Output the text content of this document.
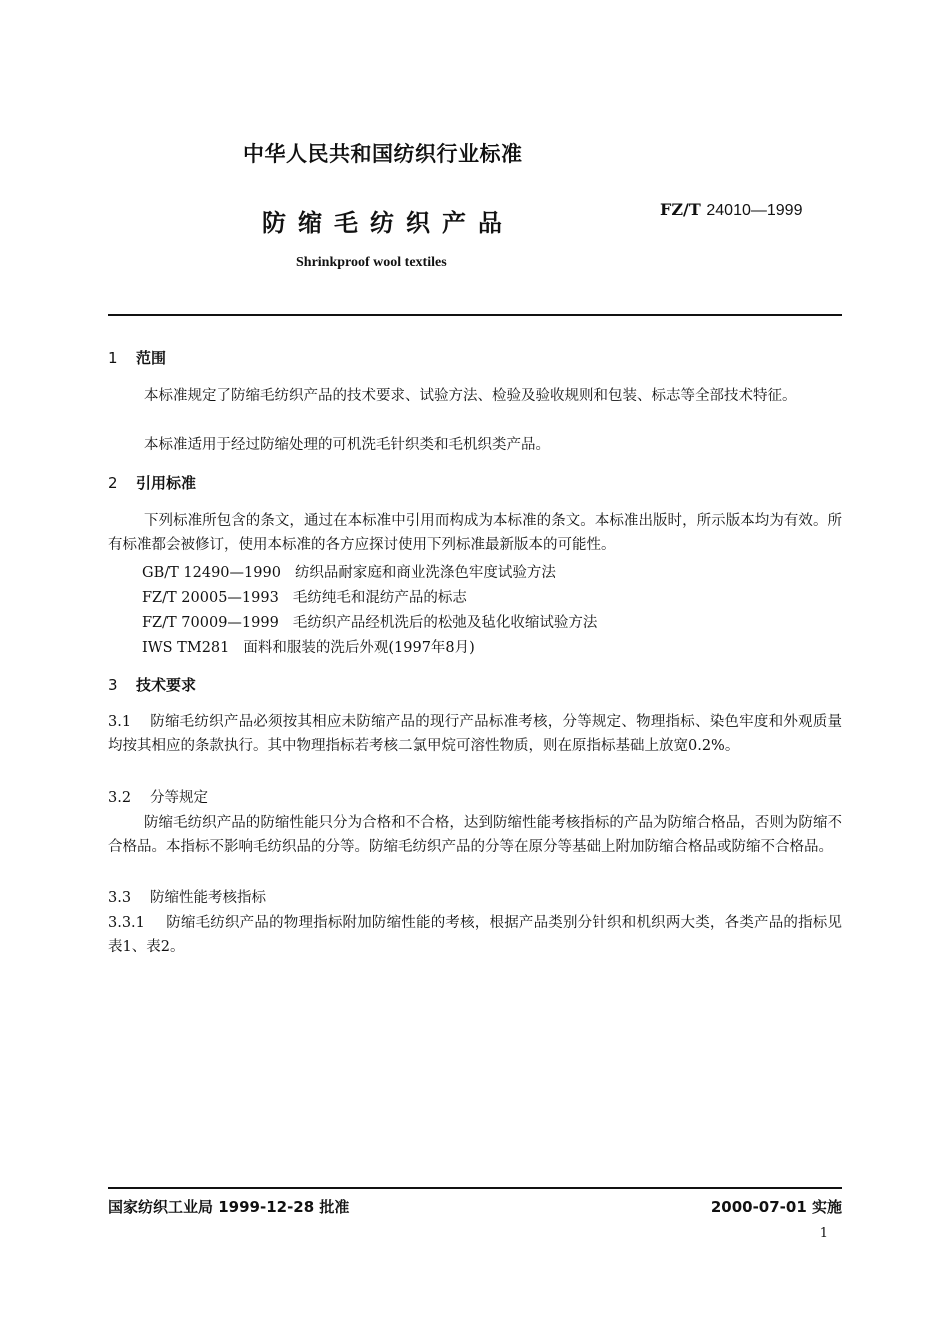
中华人民共和国纺织行业标准
防缩毛纺织产品	FZ/T 24010—1999
Shrinkproof wool textiles
1 范围
本标准规定了防缩毛纺织产品的技术要求、试验方法、检验及验收规则和包装、标志等全部技术特征。
本标准适用于经过防缩处理的可机洗毛针织类和毛机织类产品。
2 引用标准
下列标准所包含的条文，通过在本标准中引用而构成为本标准的条文。本标准出版时，所示版本均为有效。所有标准都会被修订，使用本标准的各方应探讨使用下列标准最新版本的可能性。
GB/T 12490—1990 纺织品耐家庭和商业洗涤色牢度试验方法
FZ/T 20005—1993 毛纺纯毛和混纺产品的标志
FZ/T 70009—1999 毛纺织产品经机洗后的松弛及毡化收缩试验方法
IWS TM281 面料和服装的洗后外观(1997年8月)
3 技术要求
3.1 防缩毛纺织产品必须按其相应未防缩产品的现行产品标准考核，分等规定、物理指标、染色牢度和外观质量均按其相应的条款执行。其中物理指标若考核二氯甲烷可溶性物质，则在原指标基础上放宽0.2%。
3.2 分等规定
防缩毛纺织产品的防缩性能只分为合格和不合格，达到防缩性能考核指标的产品为防缩合格品，否则为防缩不合格品。本指标不影响毛纺织品的分等。防缩毛纺织产品的分等在原分等基础上附加防缩合格品或防缩不合格品。
3.3 防缩性能考核指标
3.3.1 防缩毛纺织产品的物理指标附加防缩性能的考核，根据产品类别分针织和机织两大类，各类产品的指标见表1、表2。
国家纺织工业局 1999-12-28 批准	2000-07-01 实施
1
